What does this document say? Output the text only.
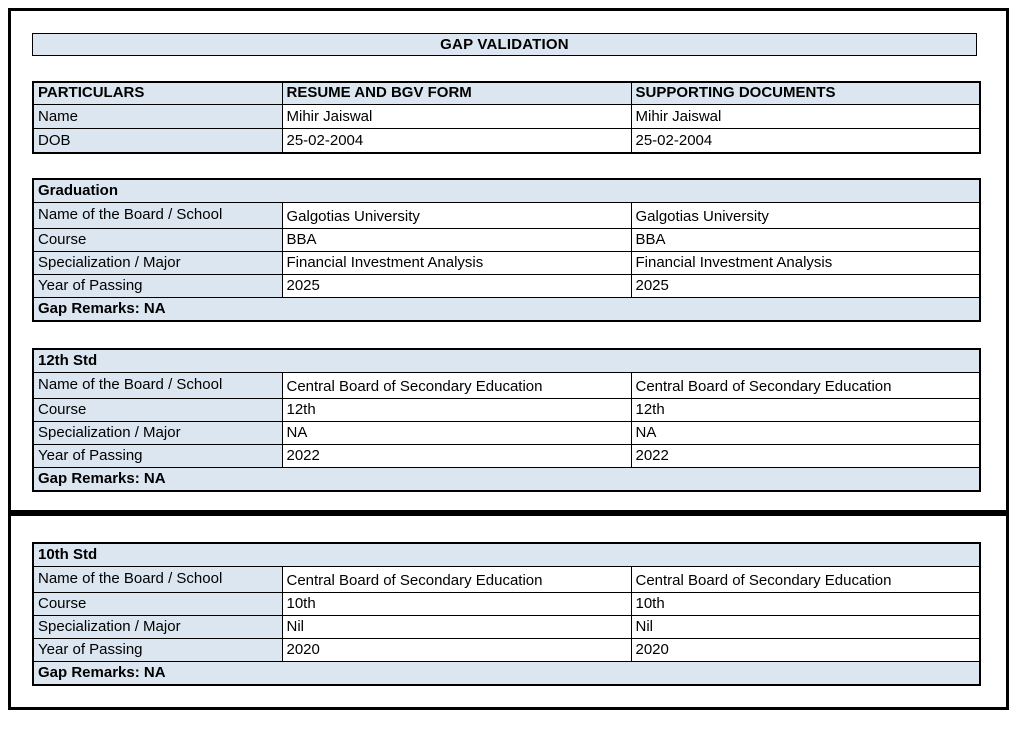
GAP VALIDATION
PARTICULARS	RESUME AND BGV FORM	SUPPORTING DOCUMENTS
Name	Mihir Jaiswal	Mihir Jaiswal
DOB	25-02-2004	25-02-2004
Graduation		
Name of the Board / School	Galgotias University	Galgotias University
Course	BBA	BBA
Specialization / Major	Financial Investment Analysis	Financial Investment Analysis
Year of Passing	2025	2025
Gap Remarks: NA		
12th Std		
Name of the Board / School	Central Board of Secondary Education	Central Board of Secondary Education
Course	12th	12th
Specialization / Major	NA	NA
Year of Passing	2022	2022
Gap Remarks: NA		
10th Std		
Name of the Board / School	Central Board of Secondary Education	Central Board of Secondary Education
Course	10th	10th
Specialization / Major	Nil	Nil
Year of Passing	2020	2020
Gap Remarks: NA		
